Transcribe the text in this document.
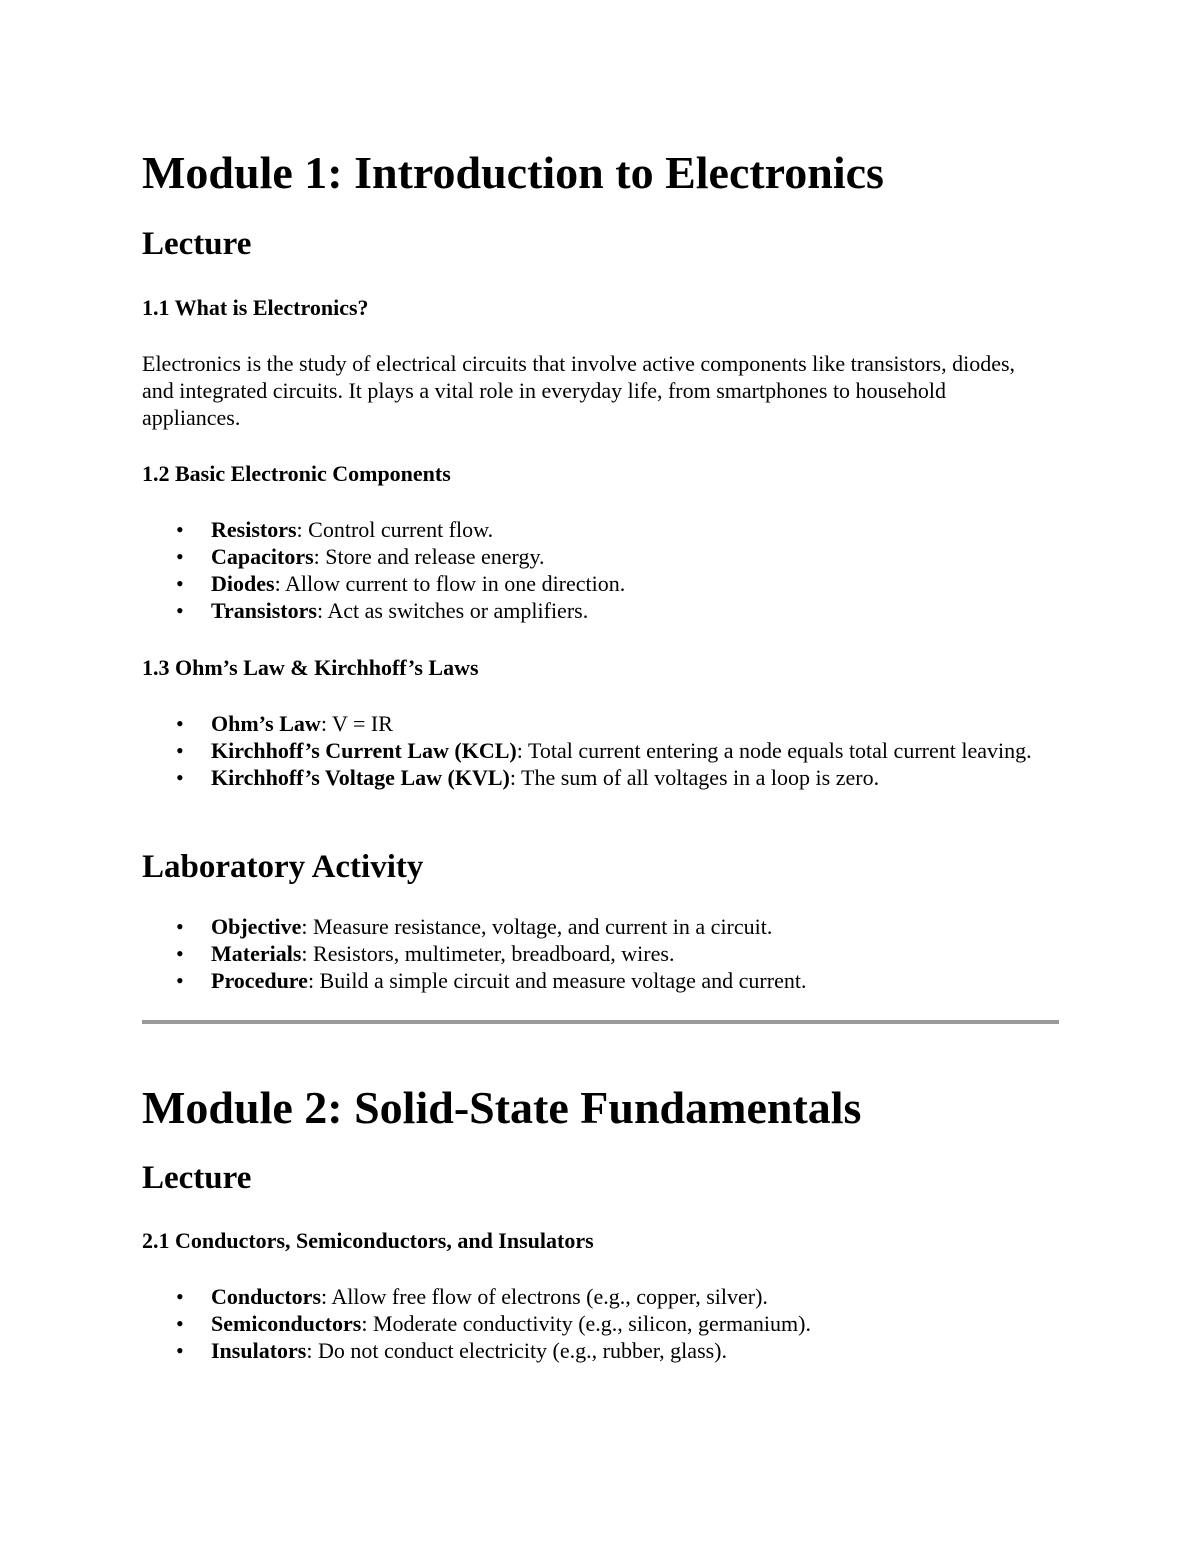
Module 1: Introduction to Electronics
Lecture
1.1 What is Electronics?

Electronics is the study of electrical circuits that involve active components like transistors, diodes, and integrated circuits. It plays a vital role in everyday life, from smartphones to household appliances.

1.2 Basic Electronic Components
• Resistors: Control current flow.
• Capacitors: Store and release energy.
• Diodes: Allow current to flow in one direction.
• Transistors: Act as switches or amplifiers.
1.3 Ohm’s Law & Kirchhoff’s Laws
• Ohm’s Law: V = IR
• Kirchhoff’s Current Law (KCL): Total current entering a node equals total current leaving.
• Kirchhoff’s Voltage Law (KVL): The sum of all voltages in a loop is zero.
Laboratory Activity
• Objective: Measure resistance, voltage, and current in a circuit.
• Materials: Resistors, multimeter, breadboard, wires.
• Procedure: Build a simple circuit and measure voltage and current.
Module 2: Solid-State Fundamentals
Lecture
2.1 Conductors, Semiconductors, and Insulators
• Conductors: Allow free flow of electrons (e.g., copper, silver).
• Semiconductors: Moderate conductivity (e.g., silicon, germanium).
• Insulators: Do not conduct electricity (e.g., rubber, glass).
